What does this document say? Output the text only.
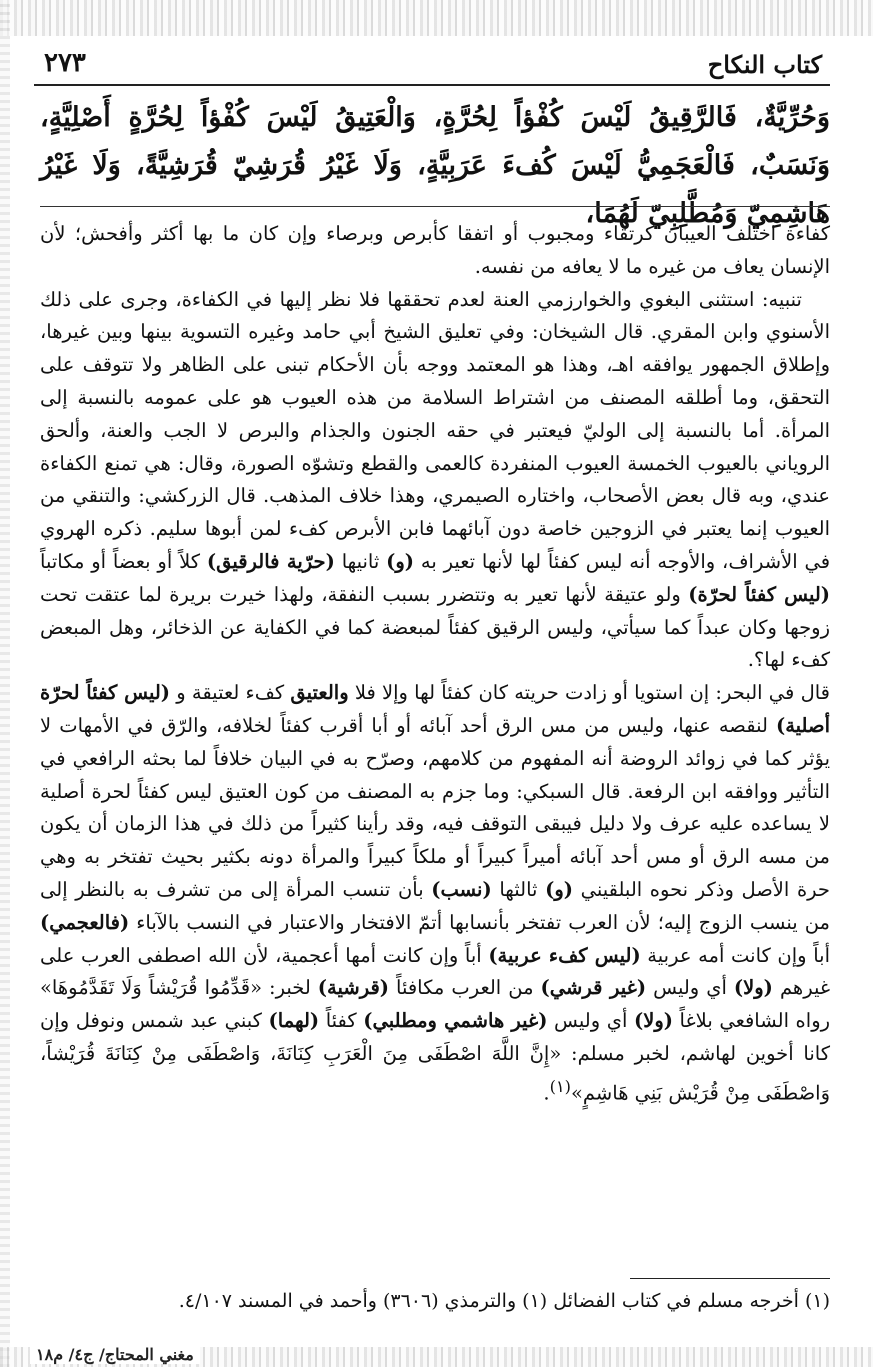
كتاب النكاح
٢٧٣
وَحُرِّيَّةٌ، فَالرَّقِيقُ لَيْسَ كُفْؤاً لِحُرَّةٍ، وَالْعَتِيقُ لَيْسَ كُفْؤاً لِحُرَّةٍ أَصْلِيَّةٍ، وَنَسَبٌ، فَالْعَجَمِيُّ لَيْسَ كُفءَ عَرَبِيَّةٍ، وَلَا غَيْرُ قُرَشِيّ قُرَشِيَّةً، وَلَا غَيْرُ هَاشِمِيّ وَمُطَّلِبِيّ لَهُمَا،

كفاءة اختلف العيبان كرتقاء ومجبوب أو اتفقا كأبرص وبرصاء وإن كان ما بها أكثر وأفحش؛ لأن الإنسان يعاف من غيره ما لا يعافه من نفسه.

تنبيه: استثنى البغوي والخوارزمي العنة لعدم تحققها فلا نظر إليها في الكفاءة، وجرى على ذلك الأسنوي وابن المقري. قال الشيخان: وفي تعليق الشيخ أبي حامد وغيره التسوية بينها وبين غيرها، وإطلاق الجمهور يوافقه اهـ، وهذا هو المعتمد ووجه بأن الأحكام تبنى على الظاهر ولا تتوقف على التحقق، وما أطلقه المصنف من اشتراط السلامة من هذه العيوب هو على عمومه بالنسبة إلى المرأة. أما بالنسبة إلى الوليّ فيعتبر في حقه الجنون والجذام والبرص لا الجب والعنة، وألحق الروياني بالعيوب الخمسة العيوب المنفردة كالعمى والقطع وتشوّه الصورة، وقال: هي تمنع الكفاءة عندي، وبه قال بعض الأصحاب، واختاره الصيمري، وهذا خلاف المذهب. قال الزركشي: والتنقي من العيوب إنما يعتبر في الزوجين خاصة دون آبائهما فابن الأبرص كفء لمن أبوها سليم. ذكره الهروي في الأشراف، والأوجه أنه ليس كفئاً لها لأنها تعير به (و) ثانيها (حرّية فالرقيق) كلاً أو بعضاً أو مكاتباً (ليس كفئاً لحرّة) ولو عتيقة لأنها تعير به وتتضرر بسبب النفقة، ولهذا خيرت بريرة لما عتقت تحت زوجها وكان عبداً كما سيأتي، وليس الرقيق كفئاً لمبعضة كما في الكفاية عن الذخائر، وهل المبعض كفء لها؟.

قال في البحر: إن استويا أو زادت حريته كان كفئاً لها وإلا فلا والعتيق كفء لعتيقة و (ليس كفئاً لحرّة أصلية) لنقصه عنها، وليس من مس الرق أحد آبائه أو أبا أقرب كفئاً لخلافه، والرّق في الأمهات لا يؤثر كما في زوائد الروضة أنه المفهوم من كلامهم، وصرّح به في البيان خلافاً لما بحثه الرافعي في التأثير ووافقه ابن الرفعة. قال السبكي: وما جزم به المصنف من كون العتيق ليس كفئاً لحرة أصلية لا يساعده عليه عرف ولا دليل فيبقى التوقف فيه، وقد رأينا كثيراً من ذلك في هذا الزمان أن يكون من مسه الرق أو مس أحد آبائه أميراً كبيراً أو ملكاً كبيراً والمرأة دونه بكثير بحيث تفتخر به وهي حرة الأصل وذكر نحوه البلقيني (و) ثالثها (نسب) بأن تنسب المرأة إلى من تشرف به بالنظر إلى من ينسب الزوج إليه؛ لأن العرب تفتخر بأنسابها أتمّ الافتخار والاعتبار في النسب بالآباء (فالعجمي) أباً وإن كانت أمه عربية (ليس كفء عربية) أباً وإن كانت أمها أعجمية، لأن الله اصطفى العرب على غيرهم (ولا) أي وليس (غير قرشي) من العرب مكافئاً (قرشية) لخبر: «قَدِّمُوا قُرَيْشاً وَلَا تَقَدَّمُوهَا» رواه الشافعي بلاغاً (ولا) أي وليس (غير هاشمي ومطلبي) كفئاً (لهما) كبني عبد شمس ونوفل وإن كانا أخوين لهاشم، لخبر مسلم: «إِنَّ اللَّهَ اصْطَفَى مِنَ الْعَرَبِ كِنَانَةَ، وَاصْطَفَى مِنْ كِنَانَةَ قُرَيْشاً، وَاصْطَفَى مِنْ قُرَيْش بَنِي هَاشِمٍ»$^{(١)}$.

(١) أخرجه مسلم في كتاب الفضائل (١) والترمذي (٣٦٠٦) وأحمد في المسند ٤/١٠٧.
مغني المحتاج/ ج٤/ م١٨
